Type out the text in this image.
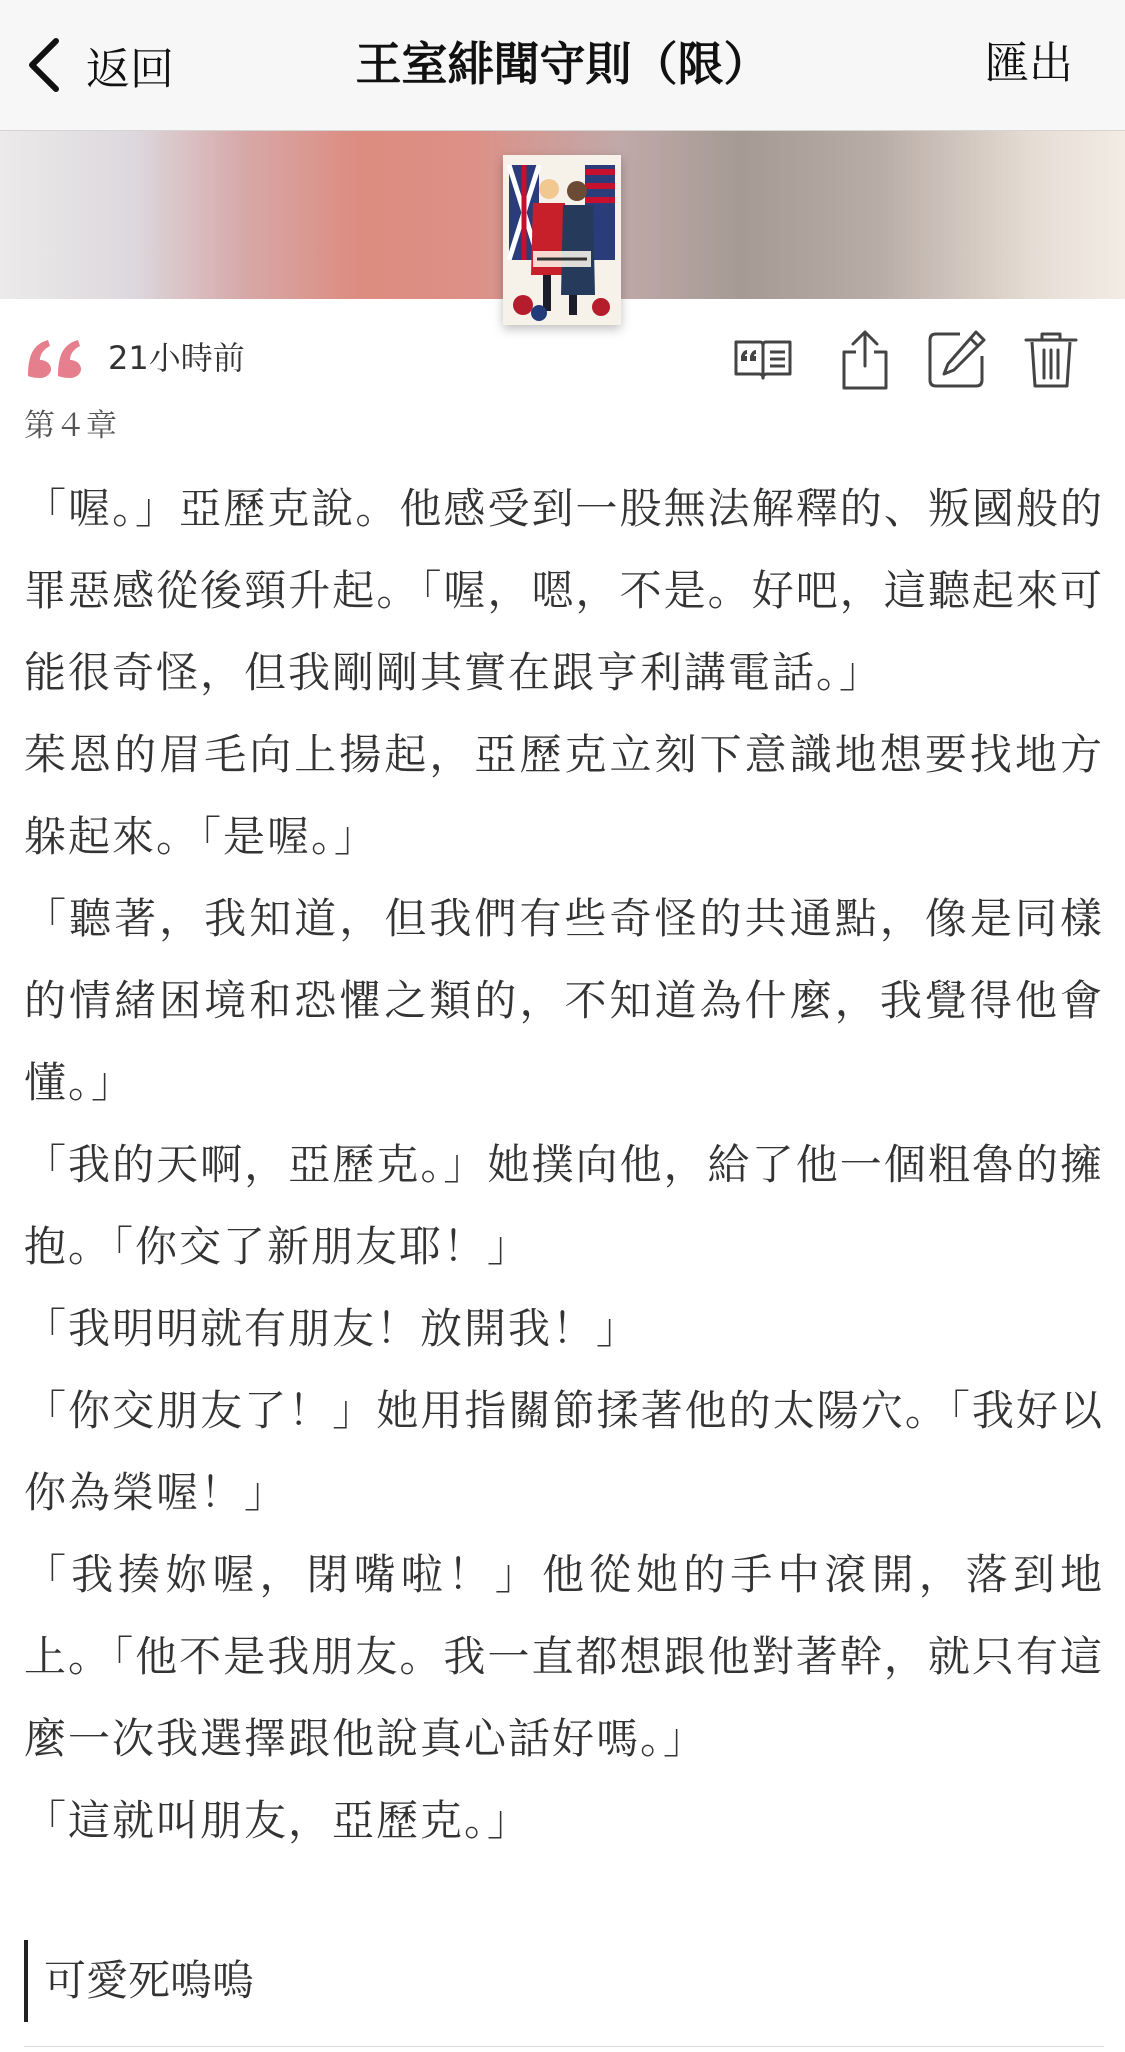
返回	王室緋聞守則（限）	匯出
21小時前
第４章

「喔。」亞歷克說。他感受到一股無法解釋的、叛國般的罪惡感從後頸升起。「喔，嗯，不是。好吧，這聽起來可能很奇怪，但我剛剛其實在跟亨利講電話。」

茱恩的眉毛向上揚起，亞歷克立刻下意識地想要找地方躲起來。「是喔。」

「聽著，我知道，但我們有些奇怪的共通點，像是同樣的情緒困境和恐懼之類的，不知道為什麼，我覺得他會懂。」

「我的天啊，亞歷克。」她撲向他，給了他一個粗魯的擁抱。「你交了新朋友耶！」

「我明明就有朋友！放開我！」

「你交朋友了！」她用指關節揉著他的太陽穴。「我好以你為榮喔！」

「我揍妳喔，閉嘴啦！」他從她的手中滾開，落到地上。「他不是我朋友。我一直都想跟他對著幹，就只有這麼一次我選擇跟他說真心話好嗎。」

「這就叫朋友，亞歷克。」

可愛死嗚嗚
